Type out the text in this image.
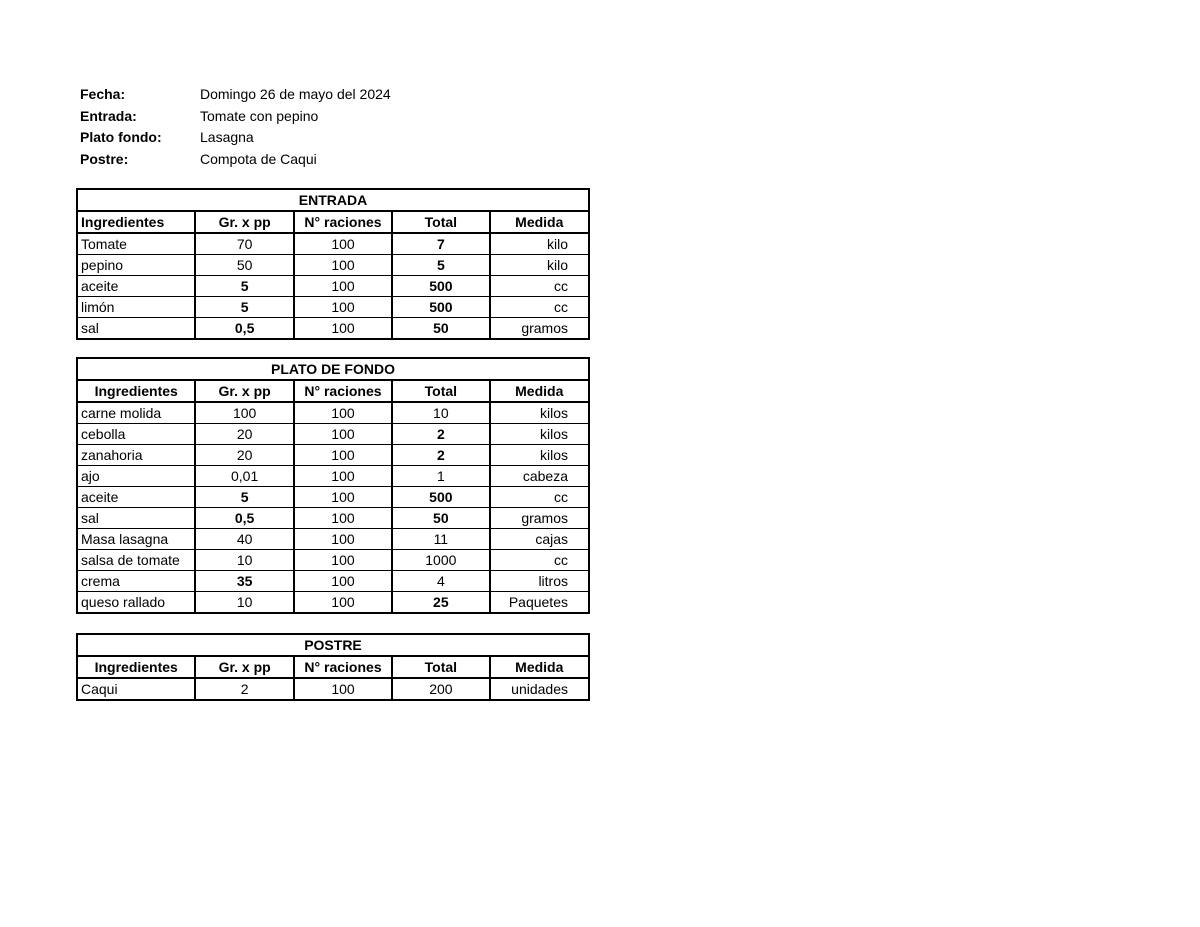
Fecha:	Domingo 26 de mayo del 2024
Entrada:	Tomate con pepino
Plato fondo:	Lasagna
Postre:	Compota de Caqui
ENTRADA				
Ingredientes	Gr. x pp	N° raciones	Total	Medida
Tomate	70	100	7	kilo
pepino	50	100	5	kilo
aceite	5	100	500	cc
limón	5	100	500	cc
sal	0,5	100	50	gramos
PLATO DE FONDO				
Ingredientes	Gr. x pp	N° raciones	Total	Medida
carne molida	100	100	10	kilos
cebolla	20	100	2	kilos
zanahoria	20	100	2	kilos
ajo	0,01	100	1	cabeza
aceite	5	100	500	cc
sal	0,5	100	50	gramos
Masa lasagna	40	100	11	cajas
salsa de tomate	10	100	1000	cc
crema	35	100	4	litros
queso rallado	10	100	25	Paquetes
POSTRE				
Ingredientes	Gr. x pp	N° raciones	Total	Medida
Caqui	2	100	200	unidades
